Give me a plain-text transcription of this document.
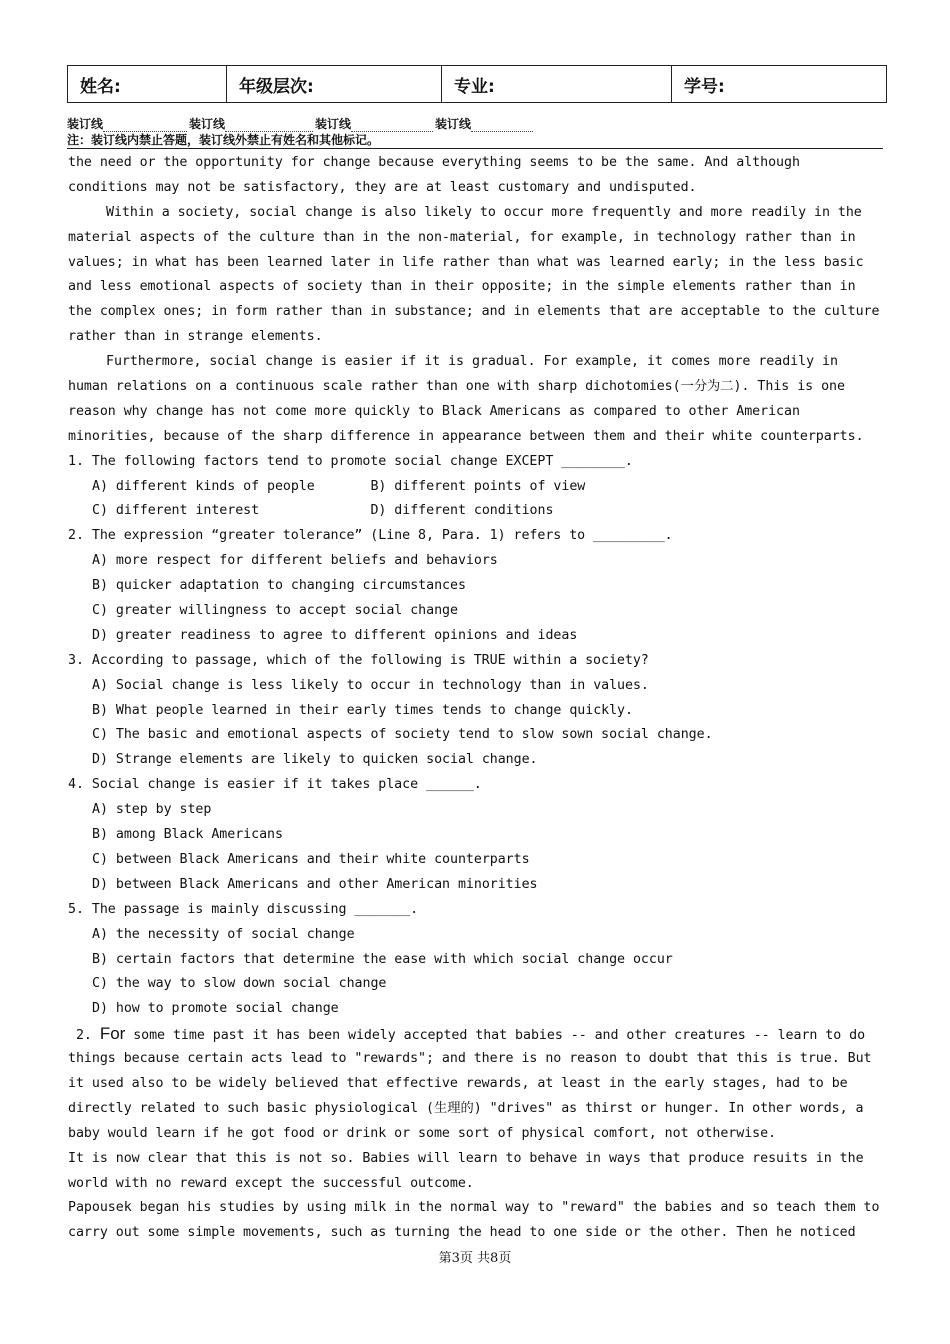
姓名:	年级层次:	专业:	学号:
装订线	装订线	装订线	装订线
注：装订线内禁止答题，装订线外禁止有姓名和其他标记。
the need or the opportunity for change because everything seems to be the same. And although
conditions may not be satisfactory, they are at least customary and undisputed.
Within a society, social change is also likely to occur more frequently and more readily in the
material aspects of the culture than in the non-material, for example, in technology rather than in
values; in what has been learned later in life rather than what was learned early; in the less basic
and less emotional aspects of society than in their opposite; in the simple elements rather than in
the complex ones; in form rather than in substance; and in elements that are acceptable to the culture
rather than in strange elements.
Furthermore, social change is easier if it is gradual. For example, it comes more readily in
human relations on a continuous scale rather than one with sharp dichotomies(一分为二). This is one
reason why change has not come more quickly to Black Americans as compared to other American
minorities, because of the sharp difference in appearance between them and their white counterparts.
1. The following factors tend to promote social change EXCEPT ________.
A) different kinds of people       B) different points of view
C) different interest              D) different conditions
2. The expression “greater tolerance” (Line 8, Para. 1) refers to _________.
A) more respect for different beliefs and behaviors
B) quicker adaptation to changing circumstances
C) greater willingness to accept social change
D) greater readiness to agree to different opinions and ideas
3. According to passage, which of the following is TRUE within a society?
A) Social change is less likely to occur in technology than in values.
B) What people learned in their early times tends to change quickly.
C) The basic and emotional aspects of society tend to slow sown social change.
D) Strange elements are likely to quicken social change.
4. Social change is easier if it takes place ______.
A) step by step
B) among Black Americans
C) between Black Americans and their white counterparts
D) between Black Americans and other American minorities
5. The passage is mainly discussing _______.
A) the necessity of social change
B) certain factors that determine the ease with which social change occur
C) the way to slow down social change
D) how to promote social change
2. For some time past it has been widely accepted that babies -- and other creatures -- learn to do
things because certain acts lead to "rewards"; and there is no reason to doubt that this is true. But
it used also to be widely believed that effective rewards, at least in the early stages, had to be
directly related to such basic physiological (生理的) "drives" as thirst or hunger. In other words, a
baby would learn if he got food or drink or some sort of physical comfort, not otherwise.
It is now clear that this is not so. Babies will learn to behave in ways that produce resuits in the
world with no reward except the successful outcome.
Papousek began his studies by using milk in the normal way to "reward" the babies and so teach them to
carry out some simple movements, such as turning the head to one side or the other. Then he noticed
第3页 共8页
